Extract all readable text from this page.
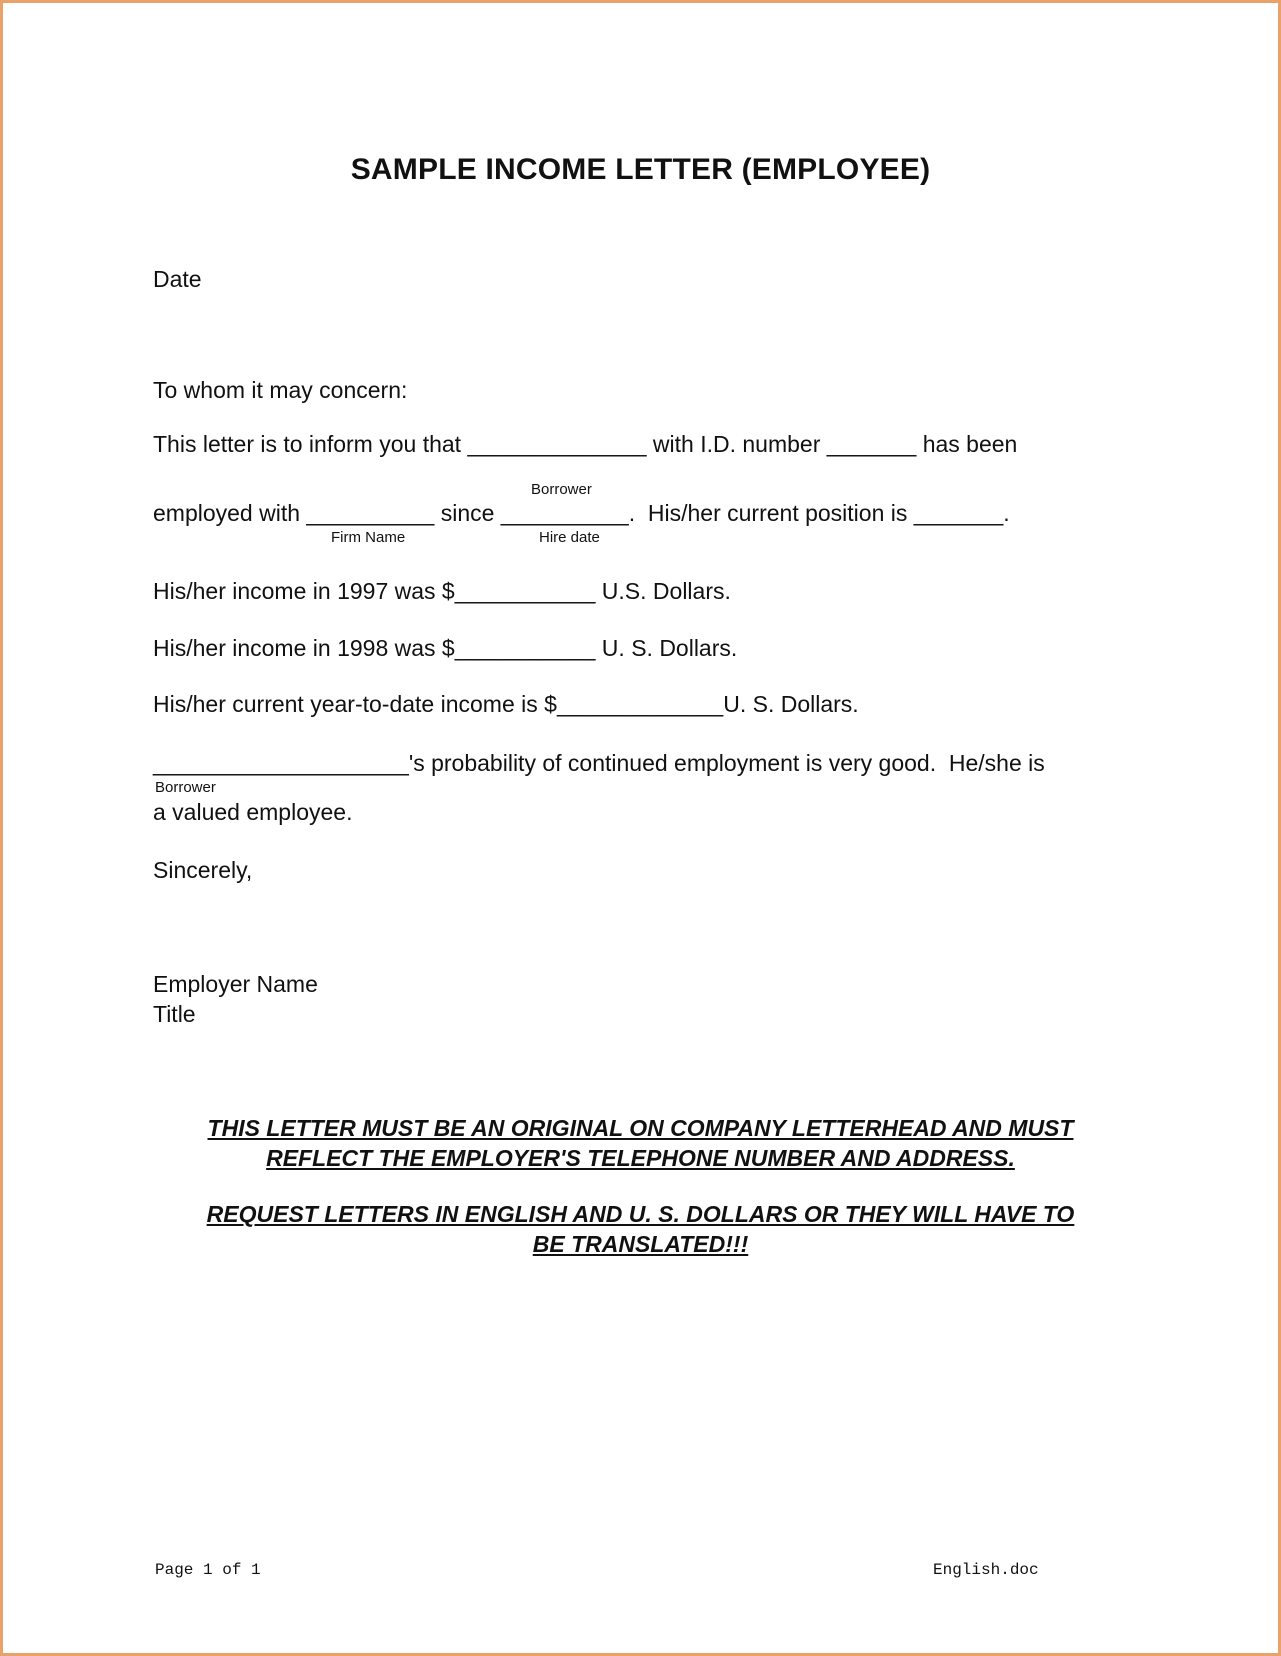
SAMPLE INCOME LETTER (EMPLOYEE)
Date
To whom it may concern:
This letter is to inform you that ______________ with I.D. number _______ has been
Borrower
employed with __________ since __________.  His/her current position is _______.
Firm Name	Hire date
His/her income in 1997 was $___________ U.S. Dollars.
His/her income in 1998 was $___________ U. S. Dollars.
His/her current year-to-date income is $_____________U. S. Dollars.
____________________'s probability of continued employment is very good.  He/she is
Borrower
a valued employee.
Sincerely,
Employer Name
Title
THIS LETTER MUST BE AN ORIGINAL ON COMPANY LETTERHEAD AND MUST
REFLECT THE EMPLOYER'S TELEPHONE NUMBER AND ADDRESS.
REQUEST LETTERS IN ENGLISH AND U. S. DOLLARS OR THEY WILL HAVE TO
BE TRANSLATED!!!
Page 1 of 1	English.doc
